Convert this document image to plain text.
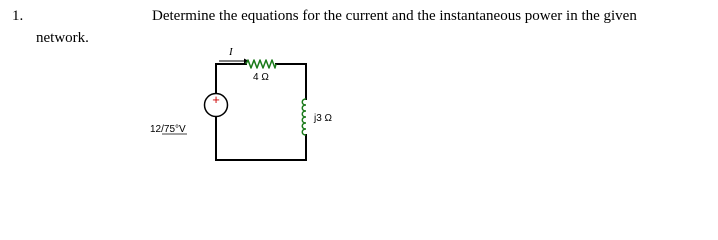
1.	Determine the equations for the current and the instantaneous power in the given
network.
I
4 Ω
j3 Ω
+
12/75°V
